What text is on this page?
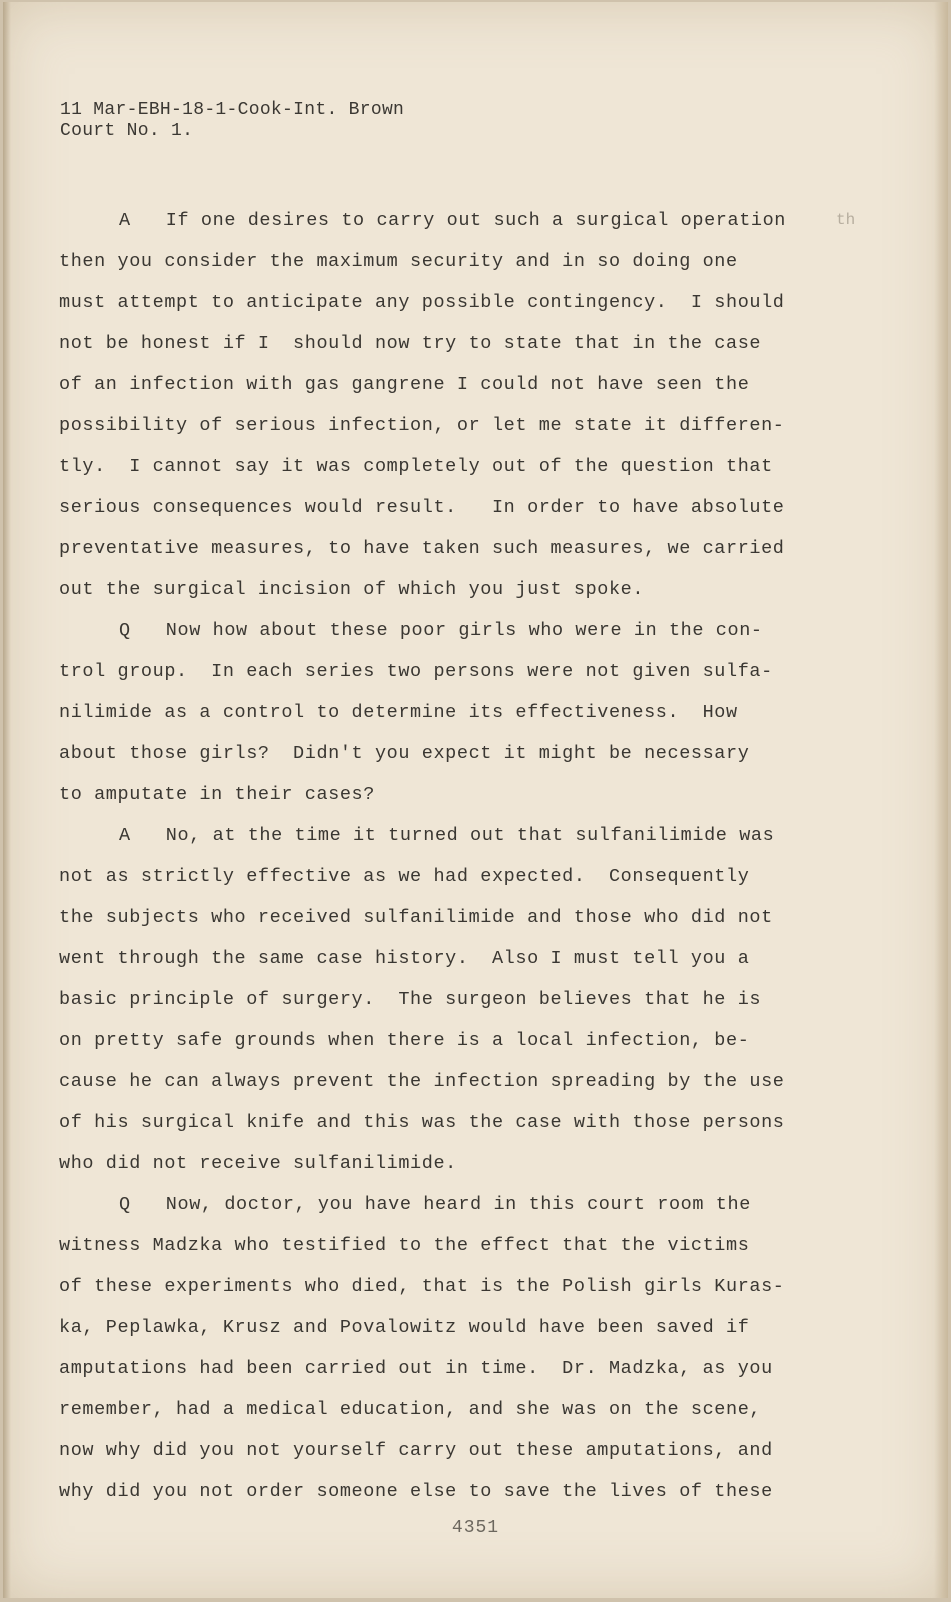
11 Mar-EBH-18-1-Cook-Int. Brown
Court No. 1.
th
A   If one desires to carry out such a surgical operation
then you consider the maximum security and in so doing one
must attempt to anticipate any possible contingency.  I should
not be honest if I  should now try to state that in the case
of an infection with gas gangrene I could not have seen the
possibility of serious infection, or let me state it differen-
tly.  I cannot say it was completely out of the question that
serious consequences would result.   In order to have absolute
preventative measures, to have taken such measures, we carried
out the surgical incision of which you just spoke.
Q   Now how about these poor girls who were in the con-
trol group.  In each series two persons were not given sulfa-
nilimide as a control to determine its effectiveness.  How
about those girls?  Didn't you expect it might be necessary
to amputate in their cases?
A   No, at the time it turned out that sulfanilimide was
not as strictly effective as we had expected.  Consequently
the subjects who received sulfanilimide and those who did not
went through the same case history.  Also I must tell you a
basic principle of surgery.  The surgeon believes that he is
on pretty safe grounds when there is a local infection, be-
cause he can always prevent the infection spreading by the use
of his surgical knife and this was the case with those persons
who did not receive sulfanilimide.
Q   Now, doctor, you have heard in this court room the
witness Madzka who testified to the effect that the victims
of these experiments who died, that is the Polish girls Kuras-
ka, Peplawka, Krusz and Povalowitz would have been saved if
amputations had been carried out in time.  Dr. Madzka, as you
remember, had a medical education, and she was on the scene,
now why did you not yourself carry out these amputations, and
why did you not order someone else to save the lives of these
4351
